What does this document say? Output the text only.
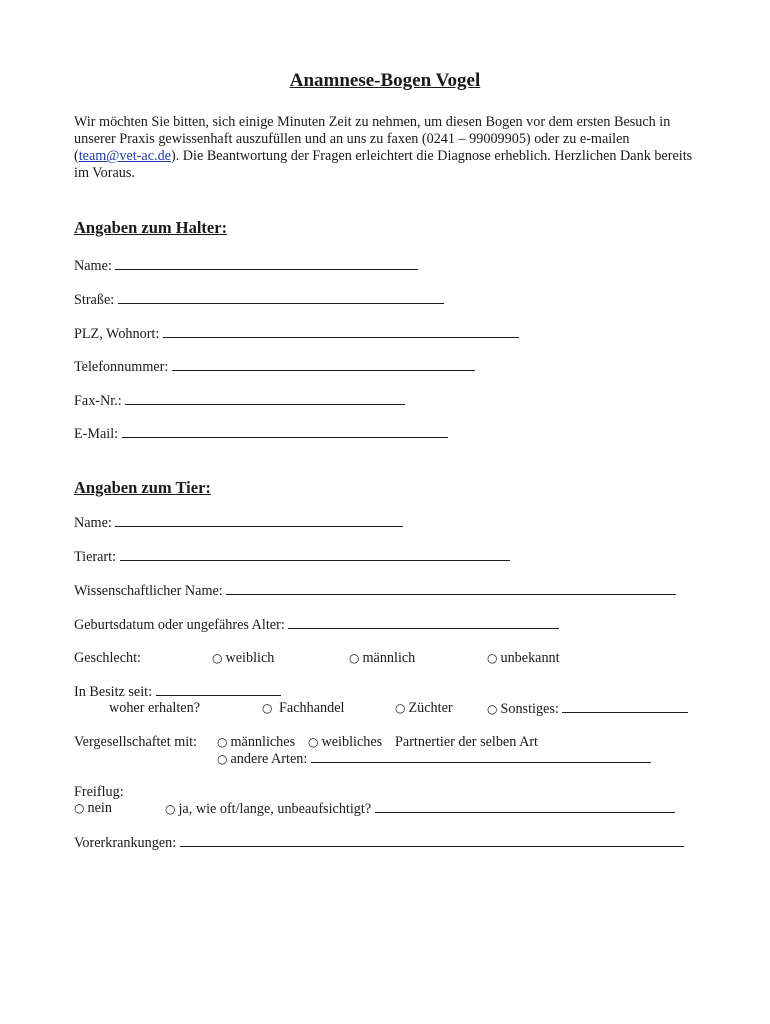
Anamnese-Bogen Vogel
Wir möchten Sie bitten, sich einige Minuten Zeit zu nehmen, um diesen Bogen vor dem ersten Besuch in unserer Praxis gewissenhaft auszufüllen und an uns zu faxen (0241 – 99009905) oder zu e-mailen (team@vet-ac.de). Die Beantwortung der Fragen erleichtert die Diagnose erheblich. Herzlichen Dank bereits im Voraus.
Angaben zum Halter:
Name:
Straße:
PLZ, Wohnort:
Telefonnummer:
Fax-Nr.:
E-Mail:
Angaben zum Tier:
Name:
Tierart:
Wissenschaftlicher Name:
Geburtsdatum oder ungefähres Alter:
Geschlecht:	○ weiblich	○ männlich	○ unbekannt
In Besitz seit:
woher erhalten?	○ Fachhandel	○ Züchter	○ Sonstiges:
Vergesellschaftet mit: ○ männliches ○ weibliches Partnertier der selben Art
○ andere Arten:
Freiflug:
○ nein	○ ja, wie oft/lange, unbeaufsichtigt?
Vorerkrankungen:
